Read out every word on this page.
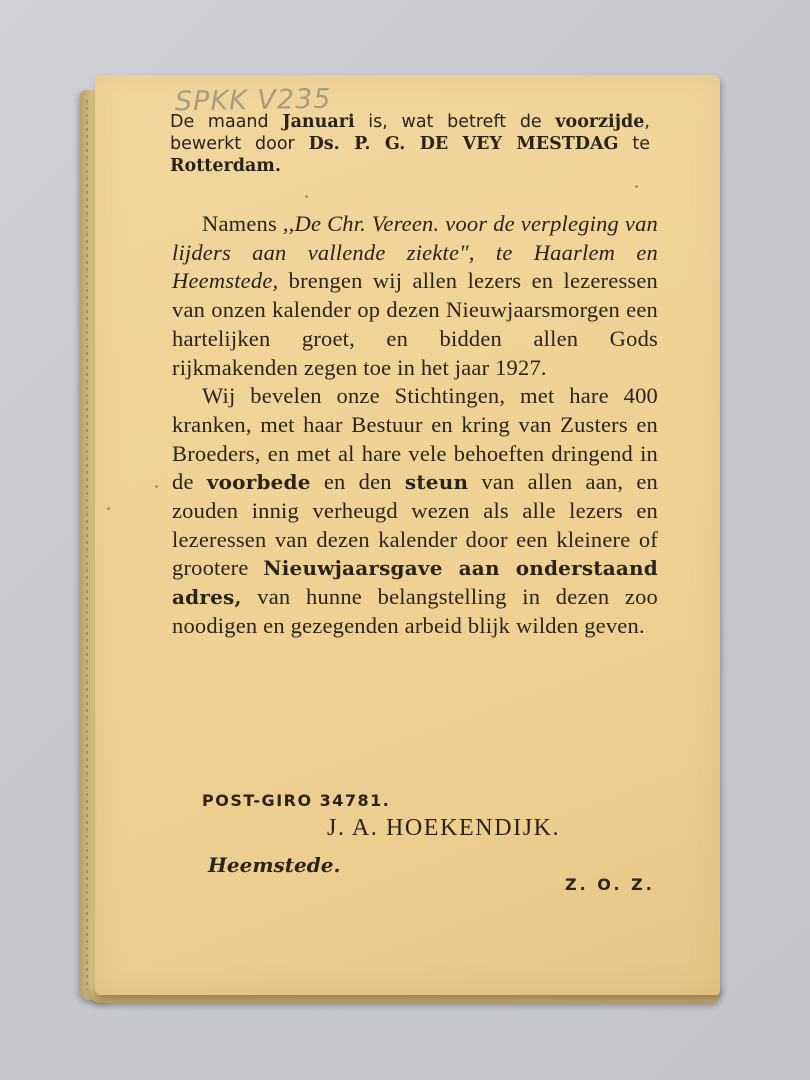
SPKK V235
De maand Januari is, wat betreft de voorzijde, bewerkt door Ds. P. G. DE VEY MESTDAG te Rotterdam.

Namens ,,De Chr. Vereen. voor de verpleging van lijders aan vallende ziekte", te Haarlem en Heemstede, brengen wij allen lezers en lezeressen van onzen kalender op dezen Nieuwjaarsmorgen een hartelijken groet, en bidden allen Gods rijkmakenden zegen toe in het jaar 1927.

Wij bevelen onze Stichtingen, met hare 400 kranken, met haar Bestuur en kring van Zusters en Broeders, en met al hare vele behoeften dringend in de voorbede en den steun van allen aan, en zouden innig verheugd wezen als alle lezers en lezeressen van dezen kalender door een kleinere of grootere Nieuwjaarsgave aan onderstaand adres, van hunne belangstelling in dezen zoo noodigen en gezegenden arbeid blijk wilden geven.

POST-GIRO 34781.
J. A. HOEKENDIJK.
Heemstede.
Z. O. Z.
